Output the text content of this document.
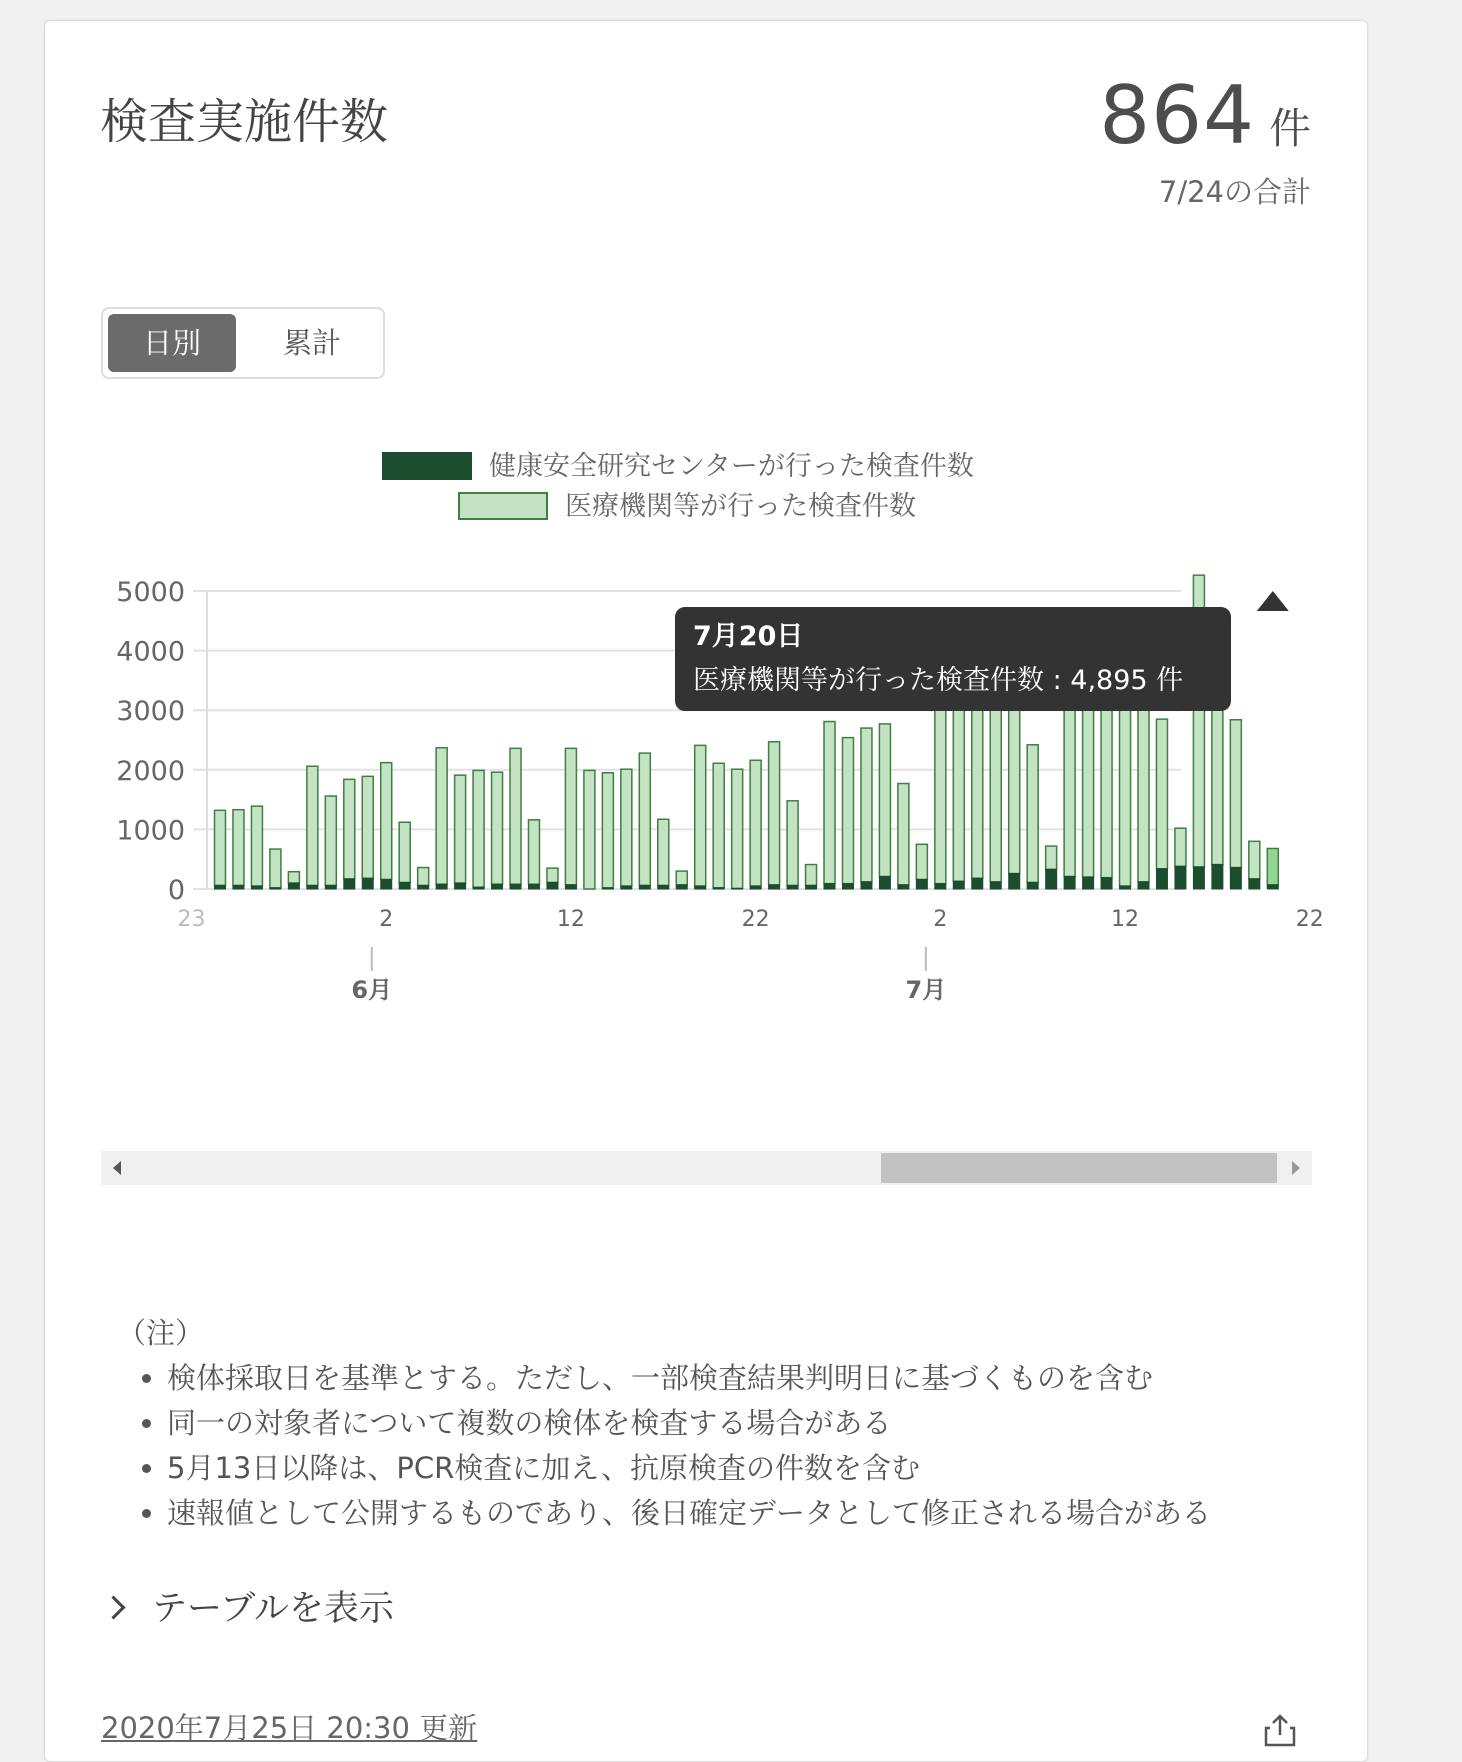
検査実施件数	864 件
7/24の合計
日別	累計
健康安全研究センターが行った検査件数
医療機関等が行った検査件数
0
1000
2000
3000
4000
5000
23	2	12	22	2	12	22
6月	7月
7月20日
医療機関等が行った検査件数 : 4,895 件
（注）
• 検体採取日を基準とする。ただし、一部検査結果判明日に基づくものを含む
• 同一の対象者について複数の検体を検査する場合がある
• 5月13日以降は、PCR検査に加え、抗原検査の件数を含む
• 速報値として公開するものであり、後日確定データとして修正される場合がある
テーブルを表示
2020年7月25日 20:30 更新
